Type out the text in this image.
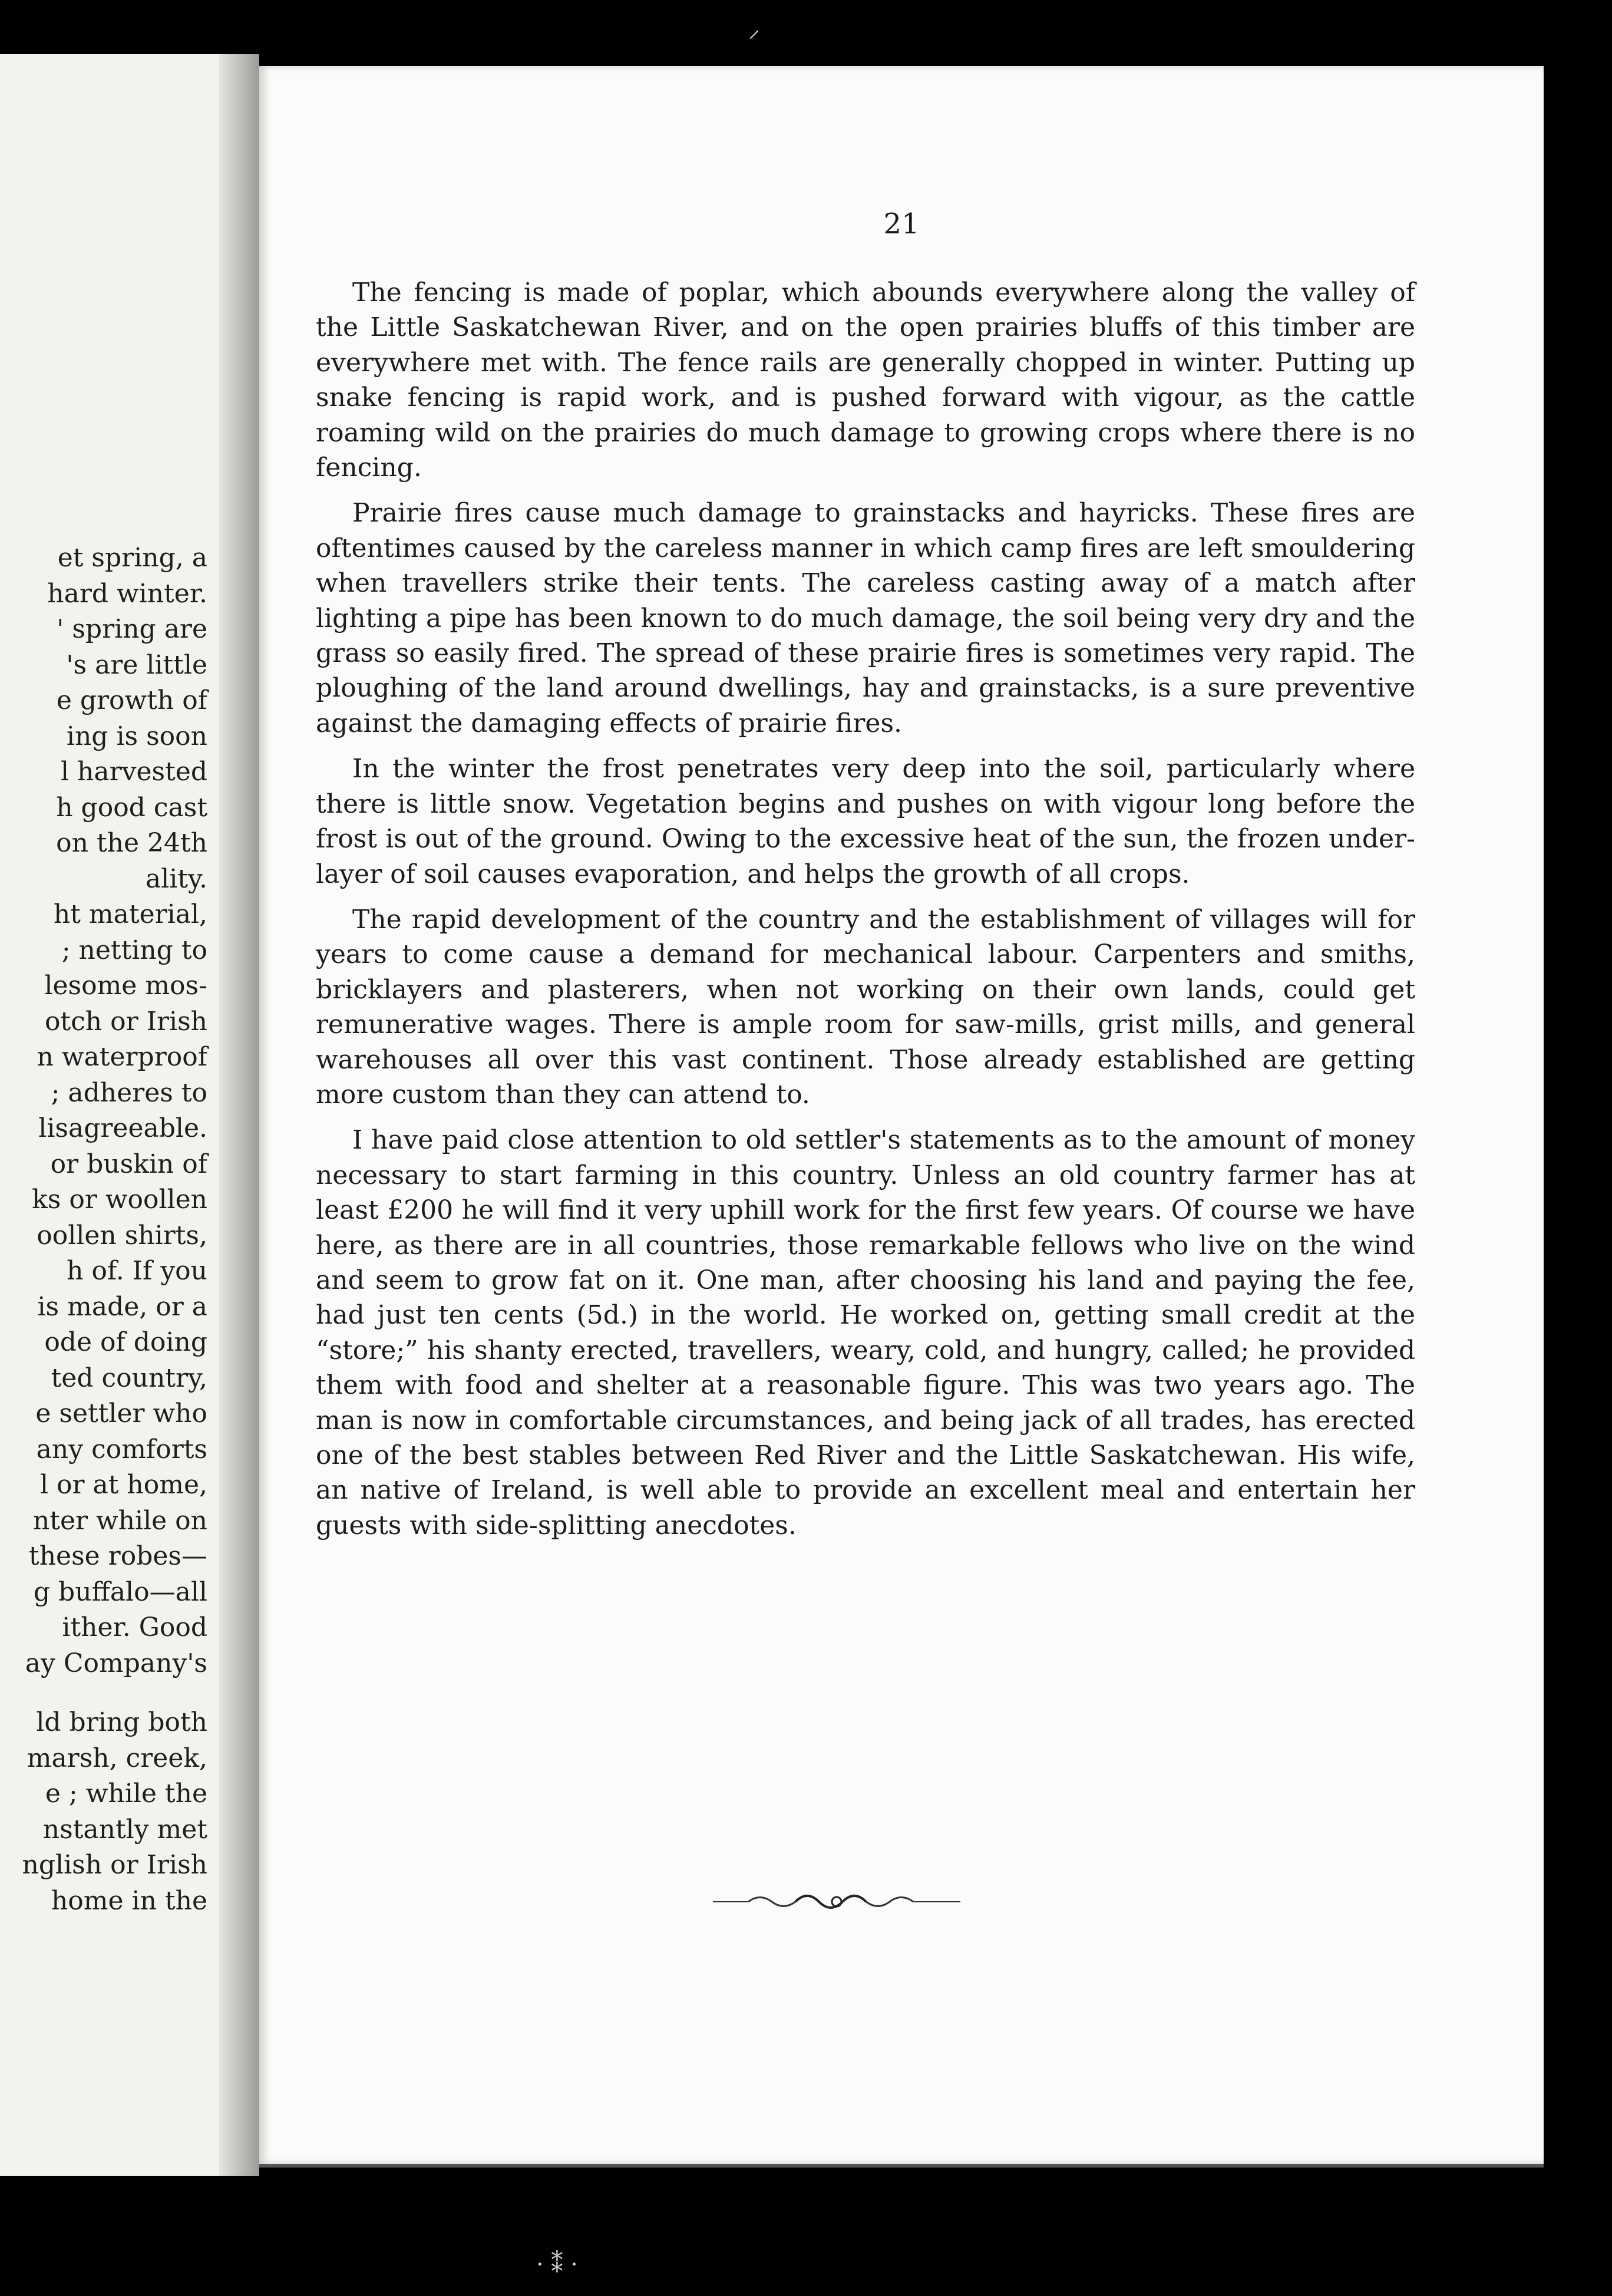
et spring, a
hard winter.
' spring are
's are little
e growth of
ing is soon
l harvested
h good cast
on the 24th
ality.
ht material,
; netting to
lesome mos-
otch or Irish
n waterproof
; adheres to
lisagreeable.
or buskin of
ks or woollen
oollen shirts,
h of. If you
is made, or a
ode of doing
ted country,
e settler who
any comforts
l or at home,
nter while on
these robes—
g buffalo—all
ither. Good
ay Company's
ld bring both
marsh, creek,
e ; while the
nstantly met
nglish or Irish
home in the
21

The fencing is made of poplar, which abounds everywhere along the valley of the Little Saskatchewan River, and on the open prairies bluffs of this timber are everywhere met with. The fence rails are generally chopped in winter. Putting up snake fencing is rapid work, and is pushed forward with vigour, as the cattle roaming wild on the prairies do much damage to growing crops where there is no fencing.

Prairie fires cause much damage to grainstacks and hayricks. These fires are oftentimes caused by the careless manner in which camp fires are left smouldering when travellers strike their tents. The careless casting away of a match after lighting a pipe has been known to do much damage, the soil being very dry and the grass so easily fired. The spread of these prairie fires is sometimes very rapid. The ploughing of the land around dwellings, hay and grainstacks, is a sure preventive against the damaging effects of prairie fires.

In the winter the frost penetrates very deep into the soil, particularly where there is little snow. Vegetation begins and pushes on with vigour long before the frost is out of the ground. Owing to the excessive heat of the sun, the frozen under-layer of soil causes evaporation, and helps the growth of all crops.

The rapid development of the country and the establishment of villages will for years to come cause a demand for mechanical labour. Carpenters and smiths, bricklayers and plasterers, when not working on their own lands, could get remunerative wages. There is ample room for saw-mills, grist mills, and general warehouses all over this vast continent. Those already established are getting more custom than they can attend to.

I have paid close attention to old settler's statements as to the amount of money necessary to start farming in this country. Unless an old country farmer has at least £200 he will find it very uphill work for the first few years. Of course we have here, as there are in all countries, those remarkable fellows who live on the wind and seem to grow fat on it. One man, after choosing his land and paying the fee, had just ten cents (5d.) in the world. He worked on, getting small credit at the “store;” his shanty erected, travellers, weary, cold, and hungry, called; he provided them with food and shelter at a reasonable figure. This was two years ago. The man is now in comfortable circumstances, and being jack of all trades, has erected one of the best stables between Red River and the Little Saskatchewan. His wife, an native of Ireland, is well able to provide an excellent meal and entertain her guests with side-splitting anecdotes.

⸝
· ⁑ ·
